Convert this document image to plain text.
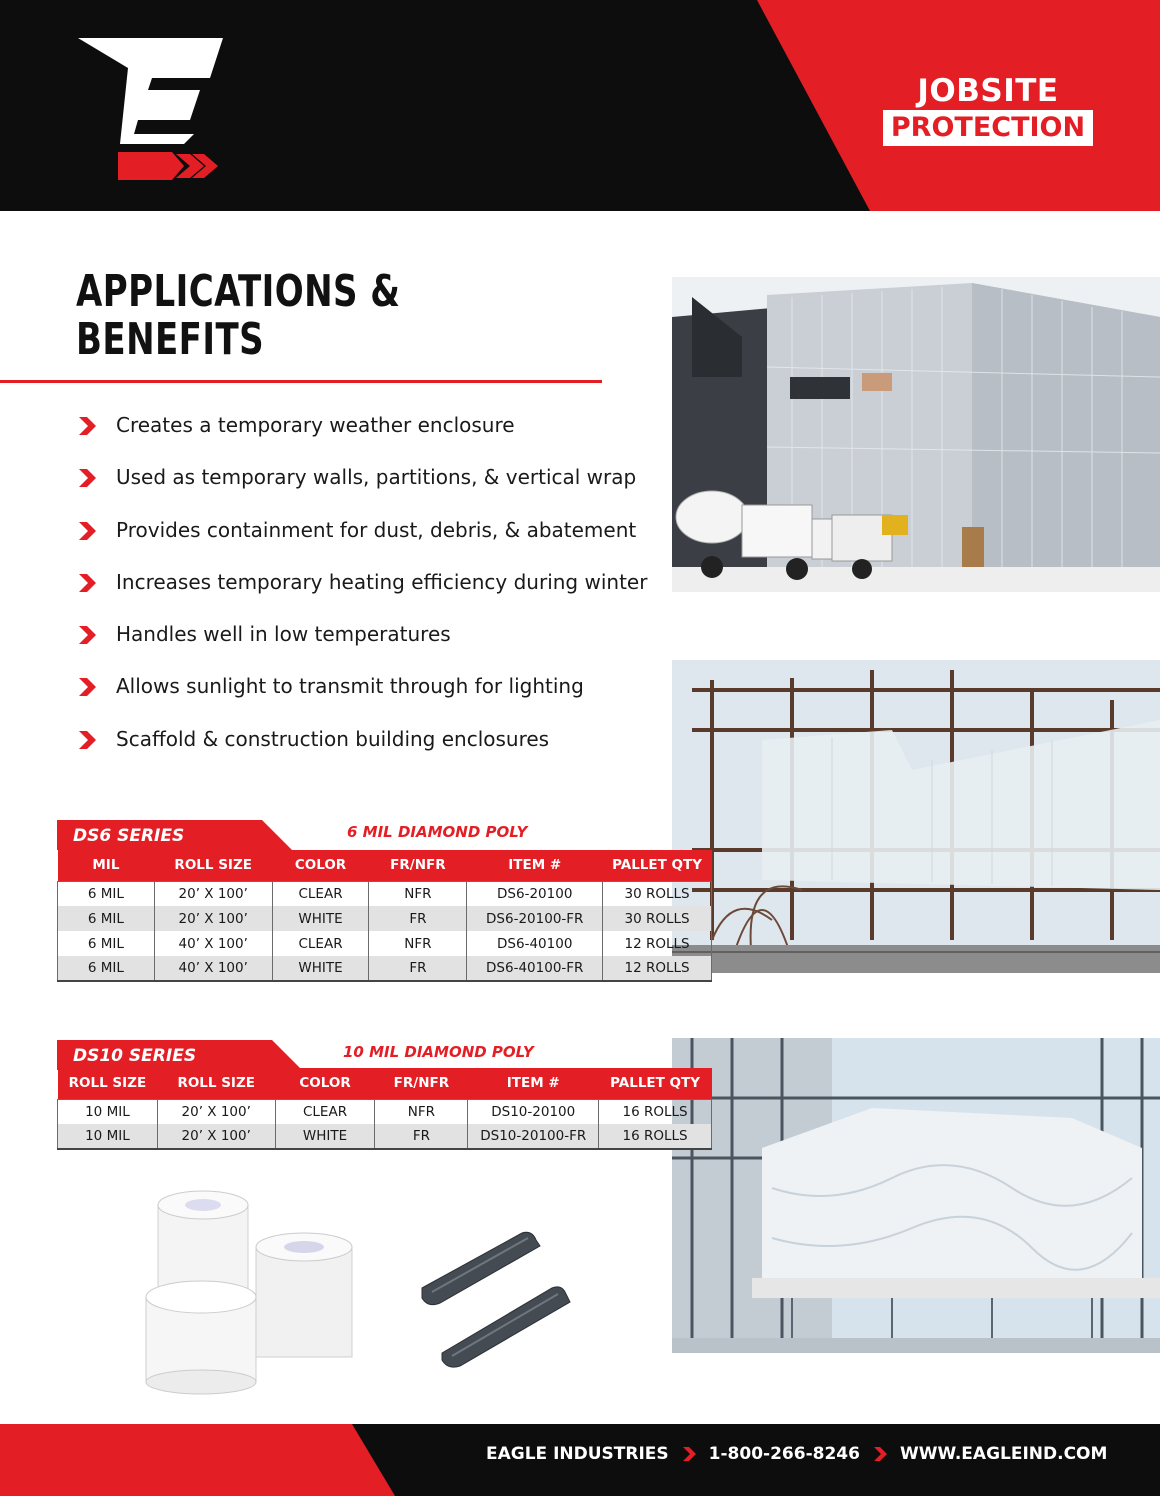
JOBSITE
PROTECTION
APPLICATIONS &
BENEFITS
Creates a temporary weather enclosure
Used as temporary walls, partitions, & vertical wrap
Provides containment for dust, debris, & abatement
Increases temporary heating efficiency during winter
Handles well in low temperatures
Allows sunlight to transmit through for lighting
Scaffold & construction building enclosures
DS6 SERIES	6 MIL DIAMOND POLY
MIL	ROLL SIZE	COLOR	FR/NFR	ITEM #	PALLET QTY
6 MIL	20’ X 100’	CLEAR	NFR	DS6-20100	30 ROLLS
6 MIL	20’ X 100’	WHITE	FR	DS6-20100-FR	30 ROLLS
6 MIL	40’ X 100’	CLEAR	NFR	DS6-40100	12 ROLLS
6 MIL	40’ X 100’	WHITE	FR	DS6-40100-FR	12 ROLLS
DS10 SERIES	10 MIL DIAMOND POLY
ROLL SIZE	ROLL SIZE	COLOR	FR/NFR	ITEM #	PALLET QTY
10 MIL	20’ X 100’	CLEAR	NFR	DS10-20100	16 ROLLS
10 MIL	20’ X 100’	WHITE	FR	DS10-20100-FR	16 ROLLS
EAGLE INDUSTRIES 1-800-266-8246 WWW.EAGLEIND.COM
